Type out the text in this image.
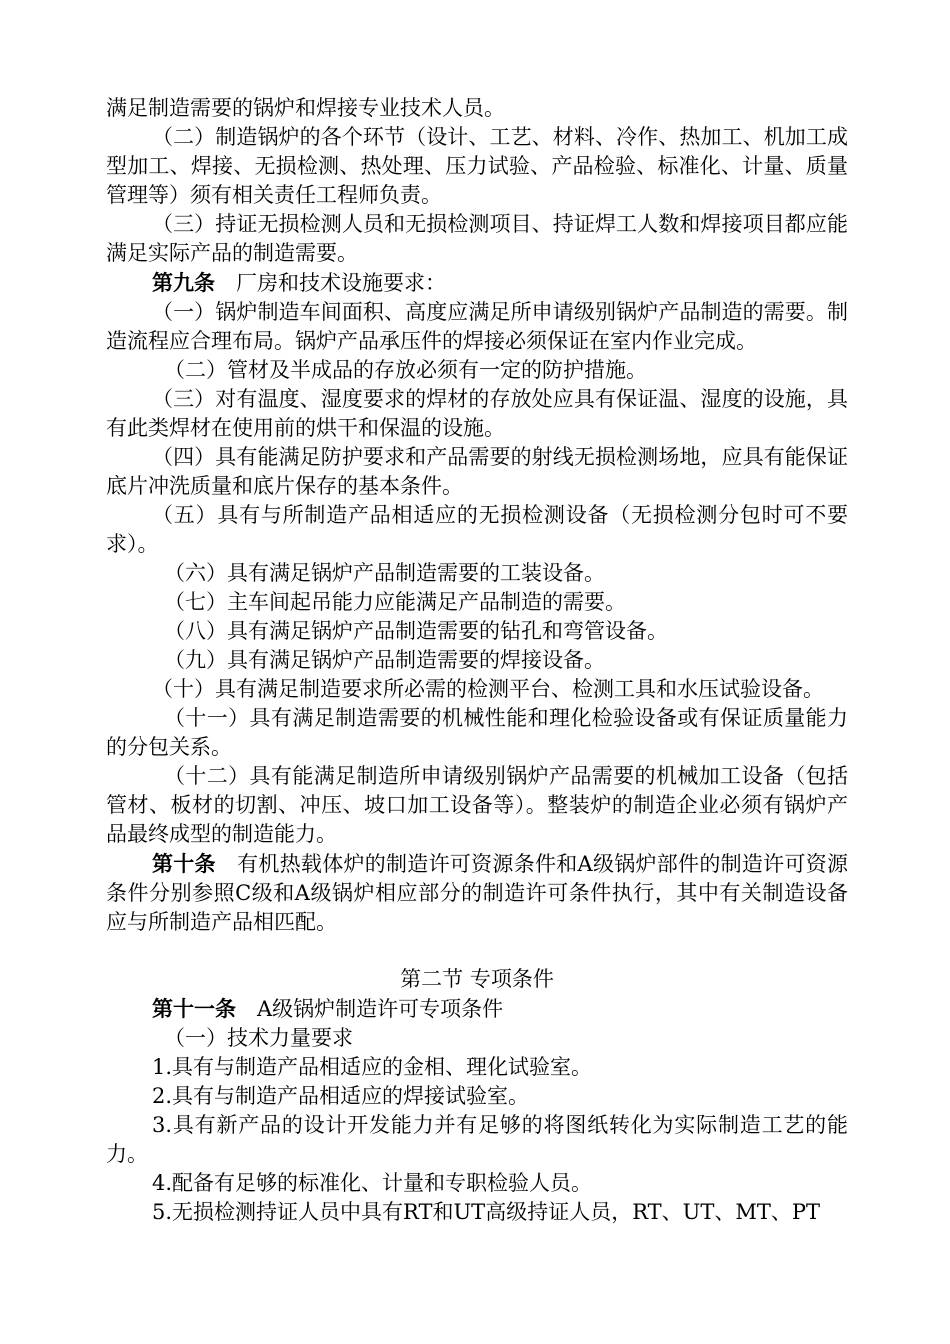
满足制造需要的锅炉和焊接专业技术人员。

（二）制造锅炉的各个环节（设计、工艺、材料、冷作、热加工、机加工成型加工、焊接、无损检测、热处理、压力试验、产品检验、标准化、计量、质量管理等）须有相关责任工程师负责。

（三）持证无损检测人员和无损检测项目、持证焊工人数和焊接项目都应能满足实际产品的制造需要。

第九条　厂房和技术设施要求：

（一）锅炉制造车间面积、高度应满足所申请级别锅炉产品制造的需要。制造流程应合理布局。锅炉产品承压件的焊接必须保证在室内作业完成。

（二）管材及半成品的存放必须有一定的防护措施。

（三）对有温度、湿度要求的焊材的存放处应具有保证温、湿度的设施，具有此类焊材在使用前的烘干和保温的设施。

（四）具有能满足防护要求和产品需要的射线无损检测场地，应具有能保证底片冲洗质量和底片保存的基本条件。

（五）具有与所制造产品相适应的无损检测设备（无损检测分包时可不要求）。

（六）具有满足锅炉产品制造需要的工装设备。

（七）主车间起吊能力应能满足产品制造的需要。

（八）具有满足锅炉产品制造需要的钻孔和弯管设备。

（九）具有满足锅炉产品制造需要的焊接设备。

（十）具有满足制造要求所必需的检测平台、检测工具和水压试验设备。

（十一）具有满足制造需要的机械性能和理化检验设备或有保证质量能力的分包关系。

（十二）具有能满足制造所申请级别锅炉产品需要的机械加工设备（包括管材、板材的切割、冲压、坡口加工设备等）。整装炉的制造企业必须有锅炉产品最终成型的制造能力。

第十条　有机热载体炉的制造许可资源条件和A级锅炉部件的制造许可资源条件分别参照C级和A级锅炉相应部分的制造许可条件执行，其中有关制造设备应与所制造产品相匹配。

第二节 专项条件

第十一条　A级锅炉制造许可专项条件

（一）技术力量要求

1.具有与制造产品相适应的金相、理化试验室。

2.具有与制造产品相适应的焊接试验室。

3.具有新产品的设计开发能力并有足够的将图纸转化为实际制造工艺的能力。

4.配备有足够的标准化、计量和专职检验人员。

5.无损检测持证人员中具有RT和UT高级持证人员，RT、UT、MT、PT
